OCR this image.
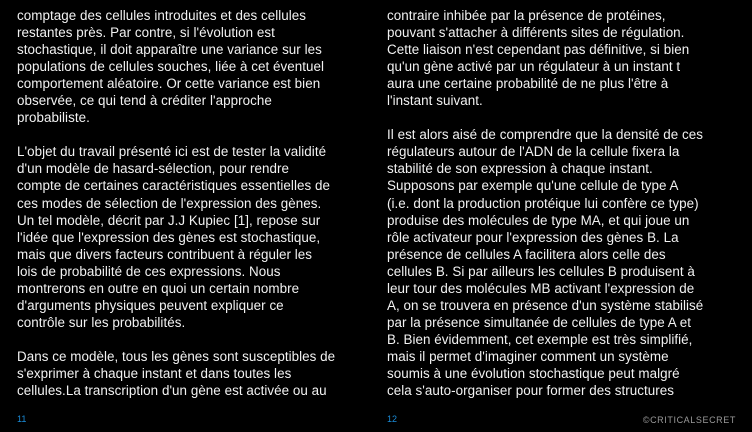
comptage des cellules introduites et des cellules
restantes près. Par contre, si l'évolution est
stochastique, il doit apparaître une variance sur les
populations de cellules souches, liée à cet éventuel
comportement aléatoire. Or cette variance est bien
observée, ce qui tend à créditer l'approche
probabiliste.

L'objet du travail présenté ici est de tester la validité
d'un modèle de hasard-sélection, pour rendre
compte de certaines caractéristiques essentielles de
ces modes de sélection de l'expression des gènes.
Un tel modèle, décrit par J.J Kupiec [1], repose sur
l'idée que l'expression des gènes est stochastique,
mais que divers facteurs contribuent à réguler les
lois de probabilité de ces expressions. Nous
montrerons en outre en quoi un certain nombre
d'arguments physiques peuvent expliquer ce
contrôle sur les probabilités.

Dans ce modèle, tous les gènes sont susceptibles de
s'exprimer à chaque instant et dans toutes les
cellules.La transcription d'un gène est activée ou au

contraire inhibée par la présence de protéines,
pouvant s'attacher à différents sites de régulation.
Cette liaison n'est cependant pas définitive, si bien
qu'un gène activé par un régulateur à un instant t
aura une certaine probabilité de ne plus l'être à
l'instant suivant.

Il est alors aisé de comprendre que la densité de ces
régulateurs autour de l'ADN de la cellule fixera la
stabilité de son expression à chaque instant.
Supposons par exemple qu'une cellule de type A
(i.e. dont la production protéique lui confère ce type)
produise des molécules de type MA, et qui joue un
rôle activateur pour l'expression des gènes B. La
présence de cellules A facilitera alors celle des
cellules B. Si par ailleurs les cellules B produisent à
leur tour des molécules MB activant l'expression de
A, on se trouvera en présence d'un système stabilisé
par la présence simultanée de cellules de type A et
B. Bien évidemment, cet exemple est très simplifié,
mais il permet d'imaginer comment un système
soumis à une évolution stochastique peut malgré
cela s'auto-organiser pour former des structures

11	12	©CRITICALSECRET
